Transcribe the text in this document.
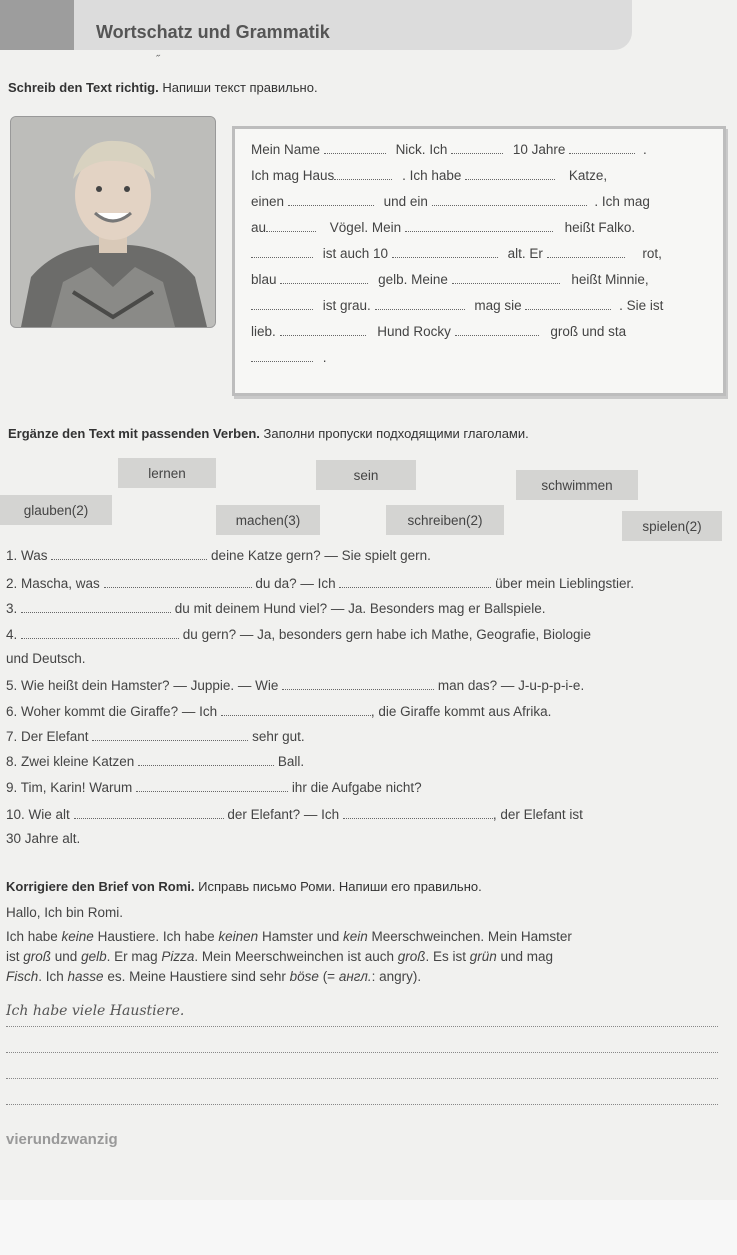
Wortschatz und Grammatik
˝
Schreib den Text richtig. Напиши текст правильно.
Mein Name	Nick. Ich	10 Jahre	.
Ich mag Haus	. Ich habe	Katze,
einen	und ein	. Ich mag
au	Vögel. Mein	heißt Falko.
ist auch 10	alt. Er	rot,
blau	gelb. Meine	heißt Minnie,
ist grau.	mag sie	. Sie ist
lieb.	Hund Rocky	groß und sta
.
Ergänze den Text mit passenden Verben. Заполни пропуски подходящими глаголами.
lernen	sein
schwimmen
glauben(2)
machen(3)	schreiben(2)	spielen(2)
1. Was	deine Katze gern? — Sie spielt gern.
2. Mascha, was	du da? — Ich	über mein Lieblingstier.
3.	du mit deinem Hund viel? — Ja. Besonders mag er Ballspiele.
4.	du gern? — Ja, besonders gern habe ich Mathe, Geografie, Biologie
und Deutsch.
5. Wie heißt dein Hamster? — Juppie. — Wie	man das? — J-u-p-p-i-e.
6. Woher kommt die Giraffe? — Ich	, die Giraffe kommt aus Afrika.
7. Der Elefant	sehr gut.
8. Zwei kleine Katzen	Ball.
9. Tim, Karin! Warum	ihr die Aufgabe nicht?
10. Wie alt	der Elefant? — Ich	, der Elefant ist
30 Jahre alt.
Korrigiere den Brief von Romi. Исправь письмо Роми. Напиши его правильно.
Hallo, Ich bin Romi.
Ich habe keine Haustiere. Ich habe keinen Hamster und kein Meerschweinchen. Mein Hamster
ist groß und gelb. Er mag Pizza. Mein Meerschweinchen ist auch groß. Es ist grün und mag
Fisch. Ich hasse es. Meine Haustiere sind sehr böse (= англ.: angry).
Ich habe viele Haustiere.
vierundzwanzig
